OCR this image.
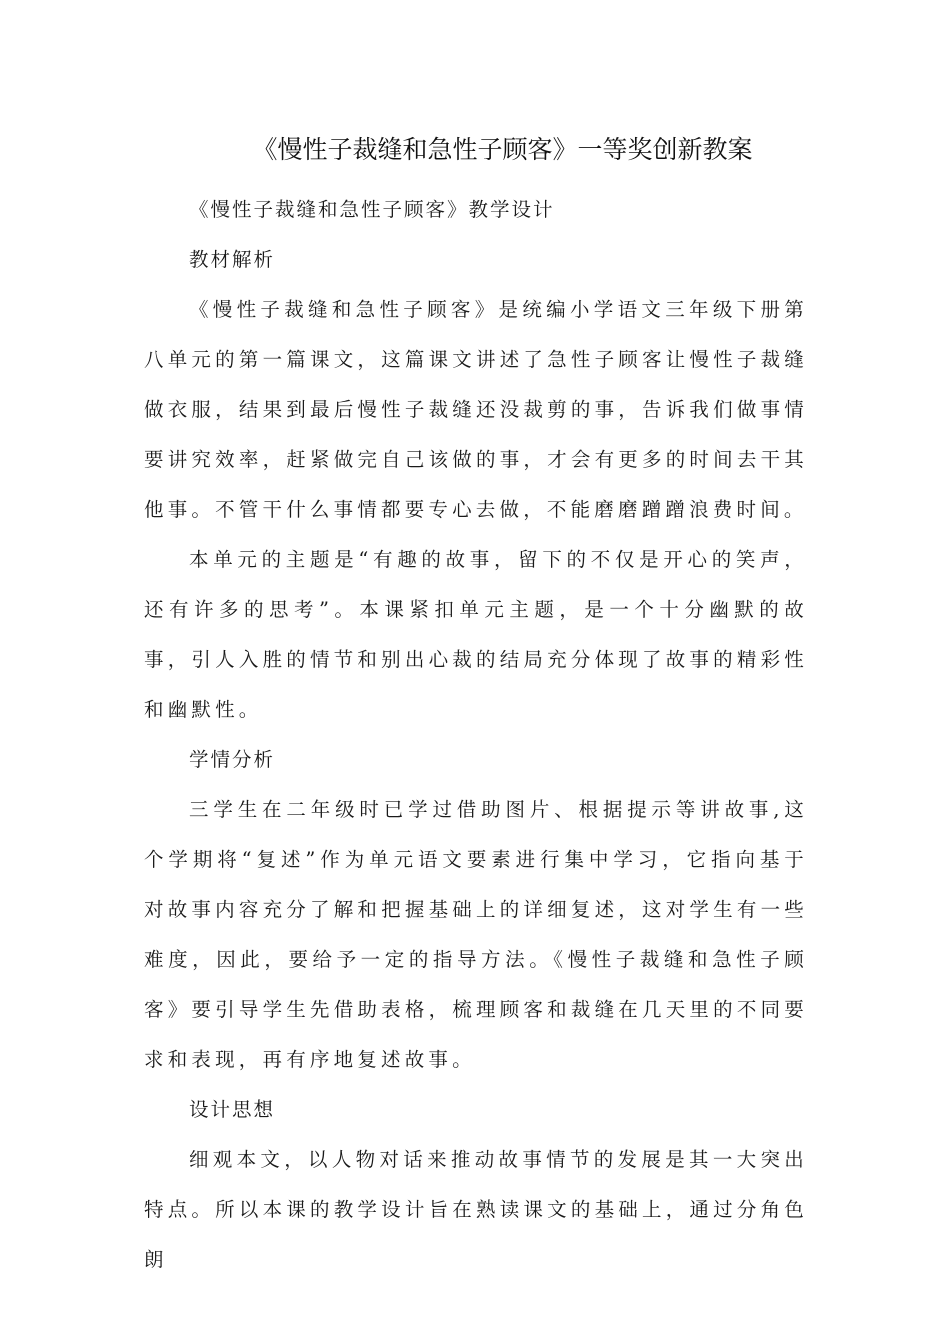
《慢性子裁缝和急性子顾客》一等奖创新教案

《慢性子裁缝和急性子顾客》教学设计

教材解析

《慢性子裁缝和急性子顾客》是统编小学语文三年级下册第八单元的第一篇课文，这篇课文讲述了急性子顾客让慢性子裁缝做衣服，结果到最后慢性子裁缝还没裁剪的事，告诉我们做事情要讲究效率，赶紧做完自己该做的事，才会有更多的时间去干其他事。不管干什么事情都要专心去做，不能磨磨蹭蹭浪费时间。

本单元的主题是“有趣的故事，留下的不仅是开心的笑声，还有许多的思考”。本课紧扣单元主题，是一个十分幽默的故事，引人入胜的情节和别出心裁的结局充分体现了故事的精彩性和幽默性。

学情分析

三学生在二年级时已学过借助图片、根据提示等讲故事,这个学期将“复述”作为单元语文要素进行集中学习，它指向基于对故事内容充分了解和把握基础上的详细复述，这对学生有一些难度，因此，要给予一定的指导方法。《慢性子裁缝和急性子顾客》要引导学生先借助表格，梳理顾客和裁缝在几天里的不同要求和表现，再有序地复述故事。

设计思想

细观本文，以人物对话来推动故事情节的发展是其一大突出特点。所以本课的教学设计旨在熟读课文的基础上，通过分角色朗
